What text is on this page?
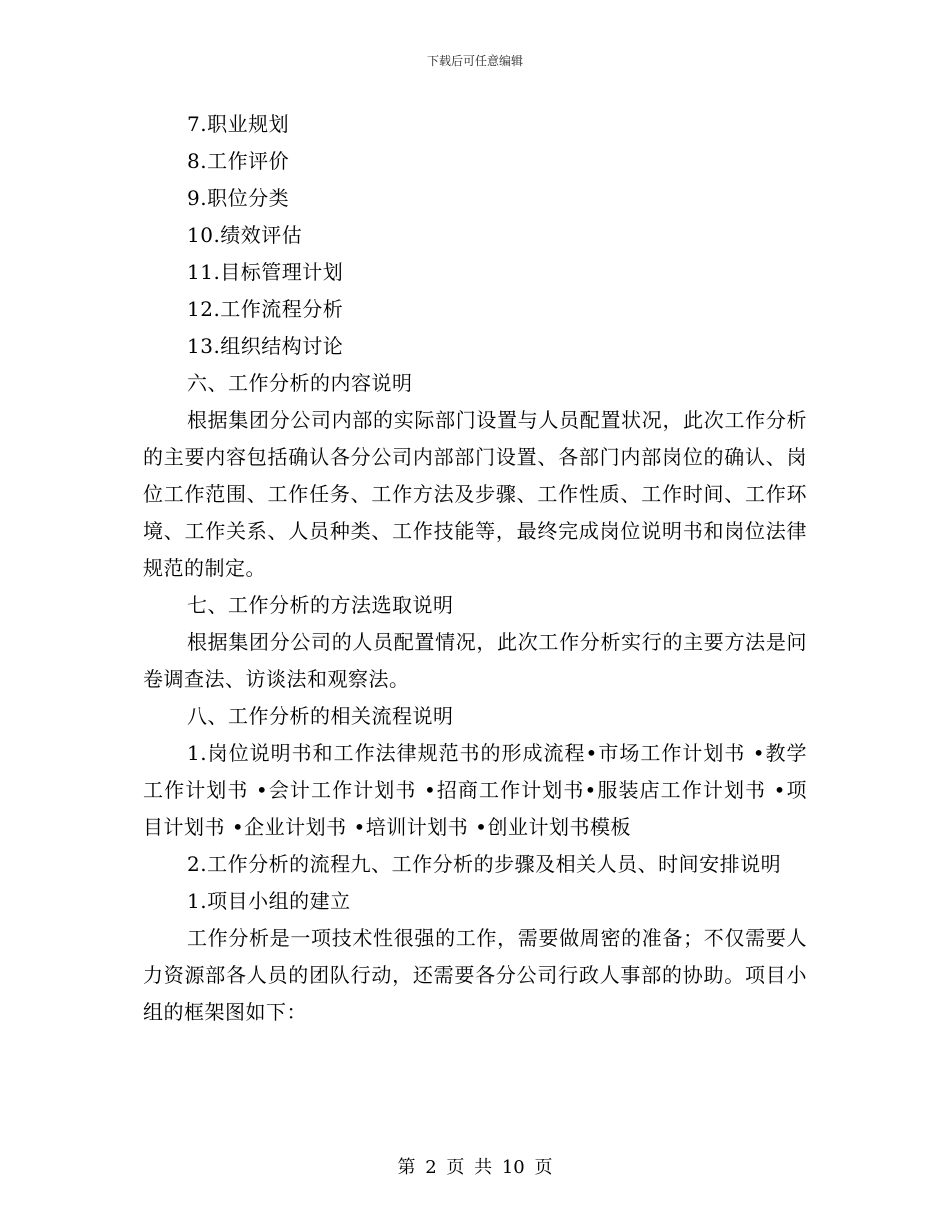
下载后可任意编辑

7.职业规划

8.工作评价

9.职位分类

10.绩效评估

11.目标管理计划

12.工作流程分析

13.组织结构讨论

六、工作分析的内容说明

根据集团分公司内部的实际部门设置与人员配置状况，此次工作分析的主要内容包括确认各分公司内部部门设置、各部门内部岗位的确认、岗位工作范围、工作任务、工作方法及步骤、工作性质、工作时间、工作环境、工作关系、人员种类、工作技能等，最终完成岗位说明书和岗位法律规范的制定。

七、工作分析的方法选取说明

根据集团分公司的人员配置情况，此次工作分析实行的主要方法是问卷调查法、访谈法和观察法。

八、工作分析的相关流程说明

1.岗位说明书和工作法律规范书的形成流程•市场工作计划书 •教学工作计划书 •会计工作计划书 •招商工作计划书•服装店工作计划书 •项目计划书 •企业计划书 •培训计划书 •创业计划书模板

2.工作分析的流程九、工作分析的步骤及相关人员、时间安排说明

1.项目小组的建立

工作分析是一项技术性很强的工作，需要做周密的准备；不仅需要人力资源部各人员的团队行动，还需要各分公司行政人事部的协助。项目小组的框架图如下：

第 2 页 共 10 页
